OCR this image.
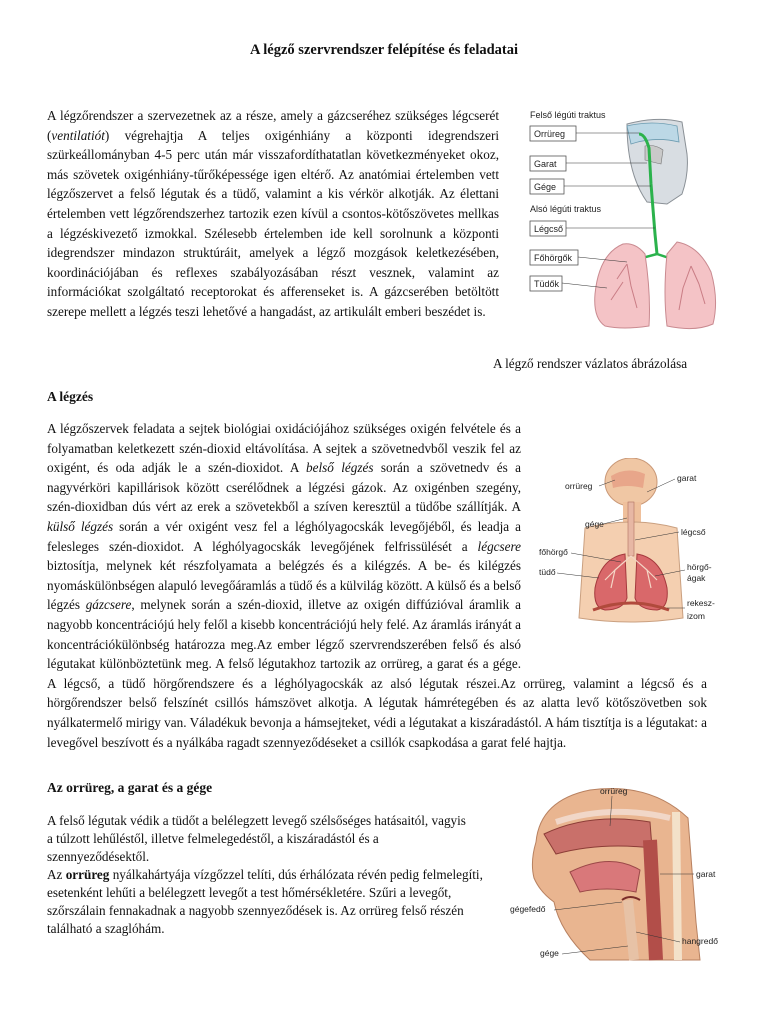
A légző szervrendszer felépítése és feladatai

A légzőrendszer a szervezetnek az a része, amely a gázcseréhez szükséges légcserét (ventilatiót) végrehajtja A teljes oxigénhiány a központi idegrendszeri szürkeállományban 4-5 perc után már visszafordíthatatlan következményeket okoz, más szövetek oxigénhiány-tűrőképessége igen eltérő. Az anatómiai értelemben vett légzőszervet a felső légutak és a tüdő, valamint a kis vérkör alkotják. Az élettani értelemben vett légzőrendszerhez tartozik ezen kívül a csontos-kötőszövetes mellkas a légzéskivezető izmokkal. Szélesebb értelemben ide kell sorolnunk a központi idegrendszer mindazon struktúráit, amelyek a légző mozgások keletkezésében, koordinációjában és reflexes szabályozásában részt vesznek, valamint az információkat szolgáltató receptorokat és afferenseket is. A gázcserében betöltött szerepe mellett a légzés teszi lehetővé a hangadást, az artikulált emberi beszédet is.

Felső légúti traktus
Orrüreg
Garat
Gége
Alsó légúti traktus
Légcső
Főhörgők
Tüdők
A légző rendszer vázlatos ábrázolása
A légzés

A légzőszervek feladata a sejtek biológiai oxidációjához szükséges oxigén felvétele és a folyamatban keletkezett szén-dioxid eltávolítása. A sejtek a szövetnedvből veszik fel az oxigént, és oda adják le a szén-dioxidot. A belső légzés során a szövetnedv és a nagyvérköri kapillárisok között cserélődnek a légzési gázok. Az oxigénben szegény, szén-dioxidban dús vért az erek a szövetekből a szíven keresztül a tüdőbe szállítják. A külső légzés során a vér oxigént vesz fel a léghólyagocskák levegőjéből, és leadja a felesleges szén-dioxidot. A léghólyagocskák levegőjének felfrissülését a légcsere biztosítja, melynek két részfolyamata a belégzés és a kilégzés. A be- és kilégzés nyomáskülönbségen alapuló levegőáramlás a tüdő és a külvilág között. A külső és a belső légzés gázcsere, melynek során a szén-dioxid, illetve az oxigén diffúzióval áramlik a nagyobb koncentrációjú hely felől a kisebb koncentrációjú hely felé. Az áramlás irányát a koncentrációkülönbség határozza meg.Az ember légző szervrendszerében felső és alsó légutakat különböztetünk meg. A felső légutakhoz tartozik az orrüreg, a garat és a gége. A légcső, a tüdő hörgőrendszere és a léghólyagocskák az alsó légutak részei.Az orrüreg, valamint a légcső és a hörgőrendszer belső felszínét csillós hámszövet alkotja. A légutak hámrétegében és az alatta levő kötőszövetben sok nyálkatermelő mirigy van. Váladékuk bevonja a hámsejteket, védi a légutakat a kiszáradástól. A hám tisztítja is a légutakat: a levegővel beszívott és a nyálkába ragadt szennyeződéseket a csillók csapkodása a garat felé hajtja.

orrüreg
garat
gége
légcső
főhörgő
tüdő	hörgő-
ágak
rekesz-
izom
Az orrüreg, a garat és a gége

A felső légutak védik a tüdőt a belélegzett levegő szélsőséges hatásaitól, vagyis a túlzott lehűléstől, illetve felmelegedéstől, a kiszáradástól és a szennyeződésektől.

Az orrüreg nyálkahártyája vízgőzzel telíti, dús érhálózata révén pedig felmelegíti, esetenként lehűti a belélegzett levegőt a test hőmérsékletére. Szűri a levegőt, szőrszálain fennakadnak a nagyobb szennyeződések is. Az orrüreg felső részén található a szaglóhám.

orrüreg
garat
gégefedő
hangredő
gége
